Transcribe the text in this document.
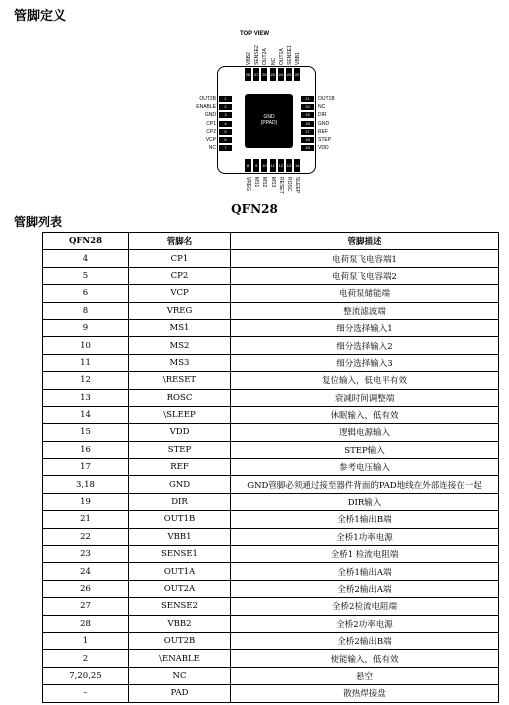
管脚定义
TOP VIEW
GND
(PPAD)
1
OUT2B
2
ENABLE
3
GND
4
CP1
5
CP2
6
VCP
7
NC
21	OUT1B
20	NC
19	DIR
18	GND
17	REF
16	STEP
15	VDD
28
VBB2
27
SENSE2
26
OUT2A
25
NC
24
OUT1A
23
SENSE1
22
VBB1
8
VREG
9
MS1
10
MS2
11
MS3
12
RESET
13
ROSC
14
SLEEP
QFN28
管脚列表
QFN28	管脚名	管脚描述
4	CP1	电荷泵飞电容端1
5	CP2	电荷泵飞电容端2
6	VCP	电荷泵储能端
8	VREG	整流滤波端
9	MS1	细分选择输入1
10	MS2	细分选择输入2
11	MS3	细分选择输入3
12	\RESET	复位输入，低电平有效
13	ROSC	衰减时间调整端
14	\SLEEP	休眠输入，低有效
15	VDD	逻辑电源输入
16	STEP	STEP输入
17	REF	参考电压输入
3,18	GND	GND管脚必须通过接至器件背面的PAD地线在外部连接在一起
19	DIR	DIR输入
21	OUT1B	全桥1输出B端
22	VBB1	全桥1功率电源
23	SENSE1	全桥1 检流电阻端
24	OUT1A	全桥1输出A端
26	OUT2A	全桥2输出A端
27	SENSE2	全桥2检流电阻端
28	VBB2	全桥2功率电源
1	OUT2B	全桥2输出B端
2	\ENABLE	使能输入，低有效
7,20,25	NC	悬空
–	PAD	散热焊接盘
